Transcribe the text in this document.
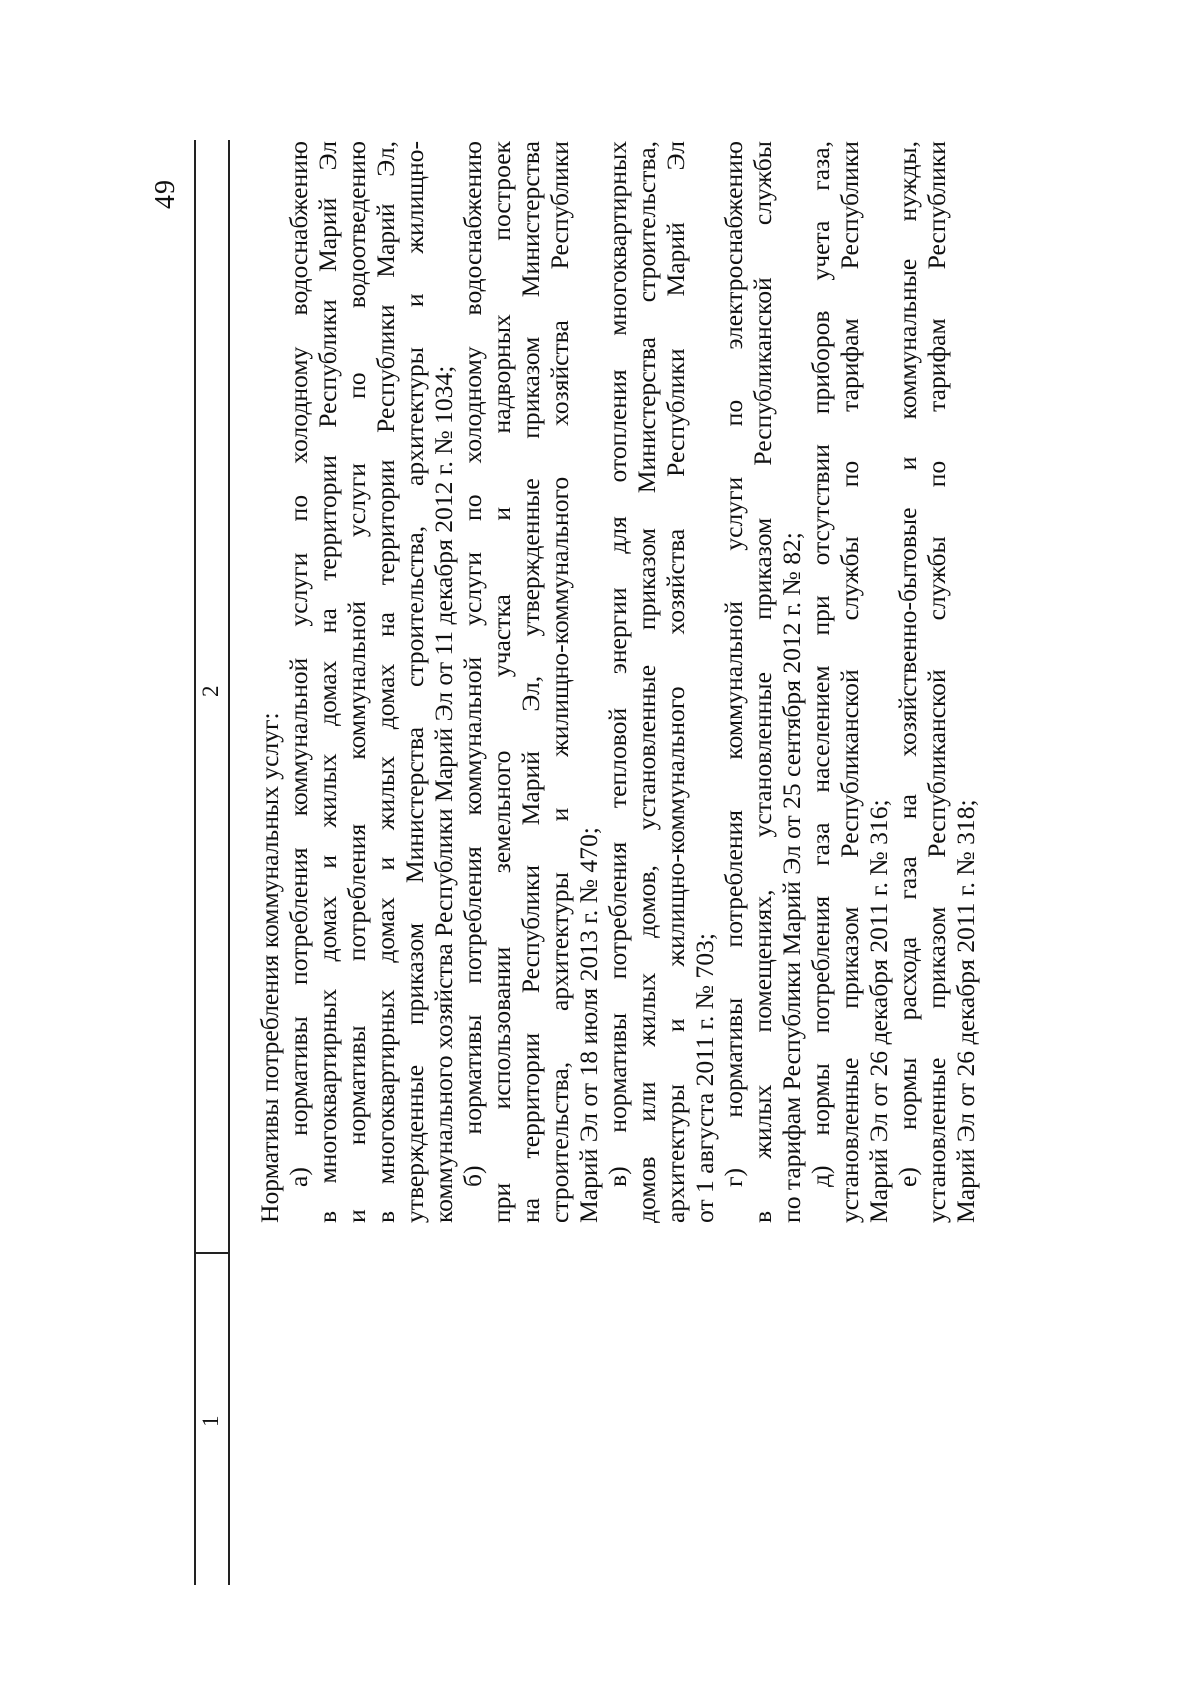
49
1
2
Нормативы потребления коммунальных услуг: а) нормативы потребления коммунальной услуги по холодному водоснабжению в многоквартирных домах и жилых домах на территории Республики Марий Эл и нормативы потребления коммунальной услуги по водоотведению в многоквартирных домах и жилых домах на территории Республики Марий Эл, утвержденные приказом Министерства строительства, архитектуры и жилищно- коммунального хозяйства Республики Марий Эл от 11 декабря 2012 г. № 1034; б) нормативы потребления коммунальной услуги по холодному водоснабжению при использовании земельного участка и надворных построек на территории Республики Марий Эл, утвержденные приказом Министерства строительства, архитектуры и жилищно-коммунального хозяйства Республики Марий Эл от 18 июля 2013 г. № 470; в) нормативы потребления тепловой энергии для отопления многоквартирных домов или жилых домов, установленные приказом Министерства строительства, архитектуры и жилищно-коммунального хозяйства Республики Марий Эл от 1 августа 2011 г. № 703; г) нормативы потребления коммунальной услуги по электроснабжению в жилых помещениях, установленные приказом Республиканской службы по тарифам Республики Марий Эл от 25 сентября 2012 г. № 82; д) нормы потребления газа населением при отсутствии приборов учета газа, установленные приказом Республиканской службы по тарифам Республики Марий Эл от 26 декабря 2011 г. № 316; е) нормы расхода газа на хозяйственно-бытовые и коммунальные нужды, установленные приказом Республиканской службы по тарифам Республики Марий Эл от 26 декабря 2011 г. № 318;
